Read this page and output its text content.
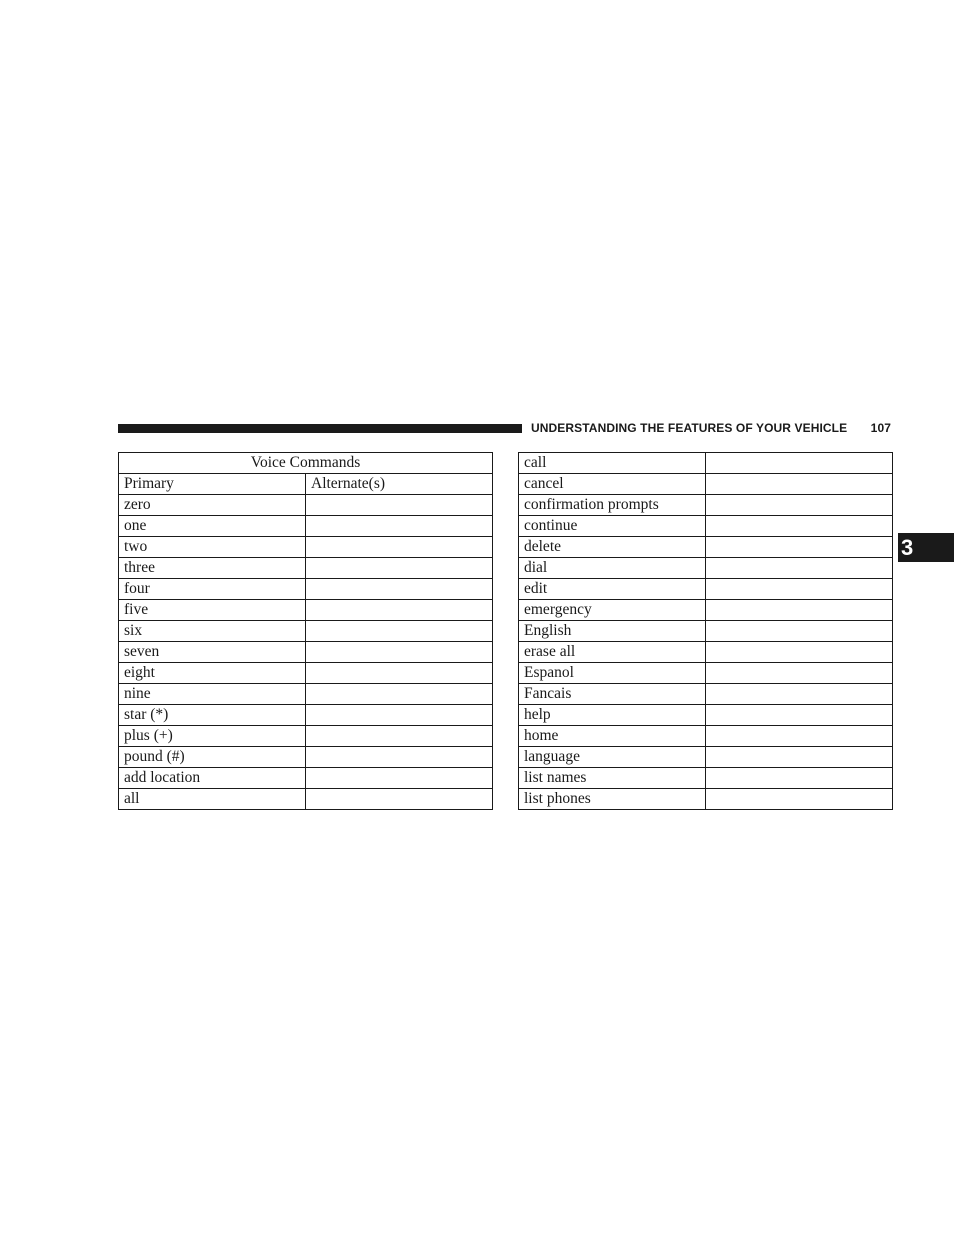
UNDERSTANDING THE FEATURES OF YOUR VEHICLE 107
3
Voice Commands	
Primary	Alternate(s)
zero	
one	
two	
three	
four	
five	
six	
seven	
eight	
nine	
star (*)	
plus (+)	
pound (#)	
add location	
all	
call	
cancel	
confirmation prompts	
continue	
delete	
dial	
edit	
emergency	
English	
erase all	
Espanol	
Fancais	
help	
home	
language	
list names	
list phones	
